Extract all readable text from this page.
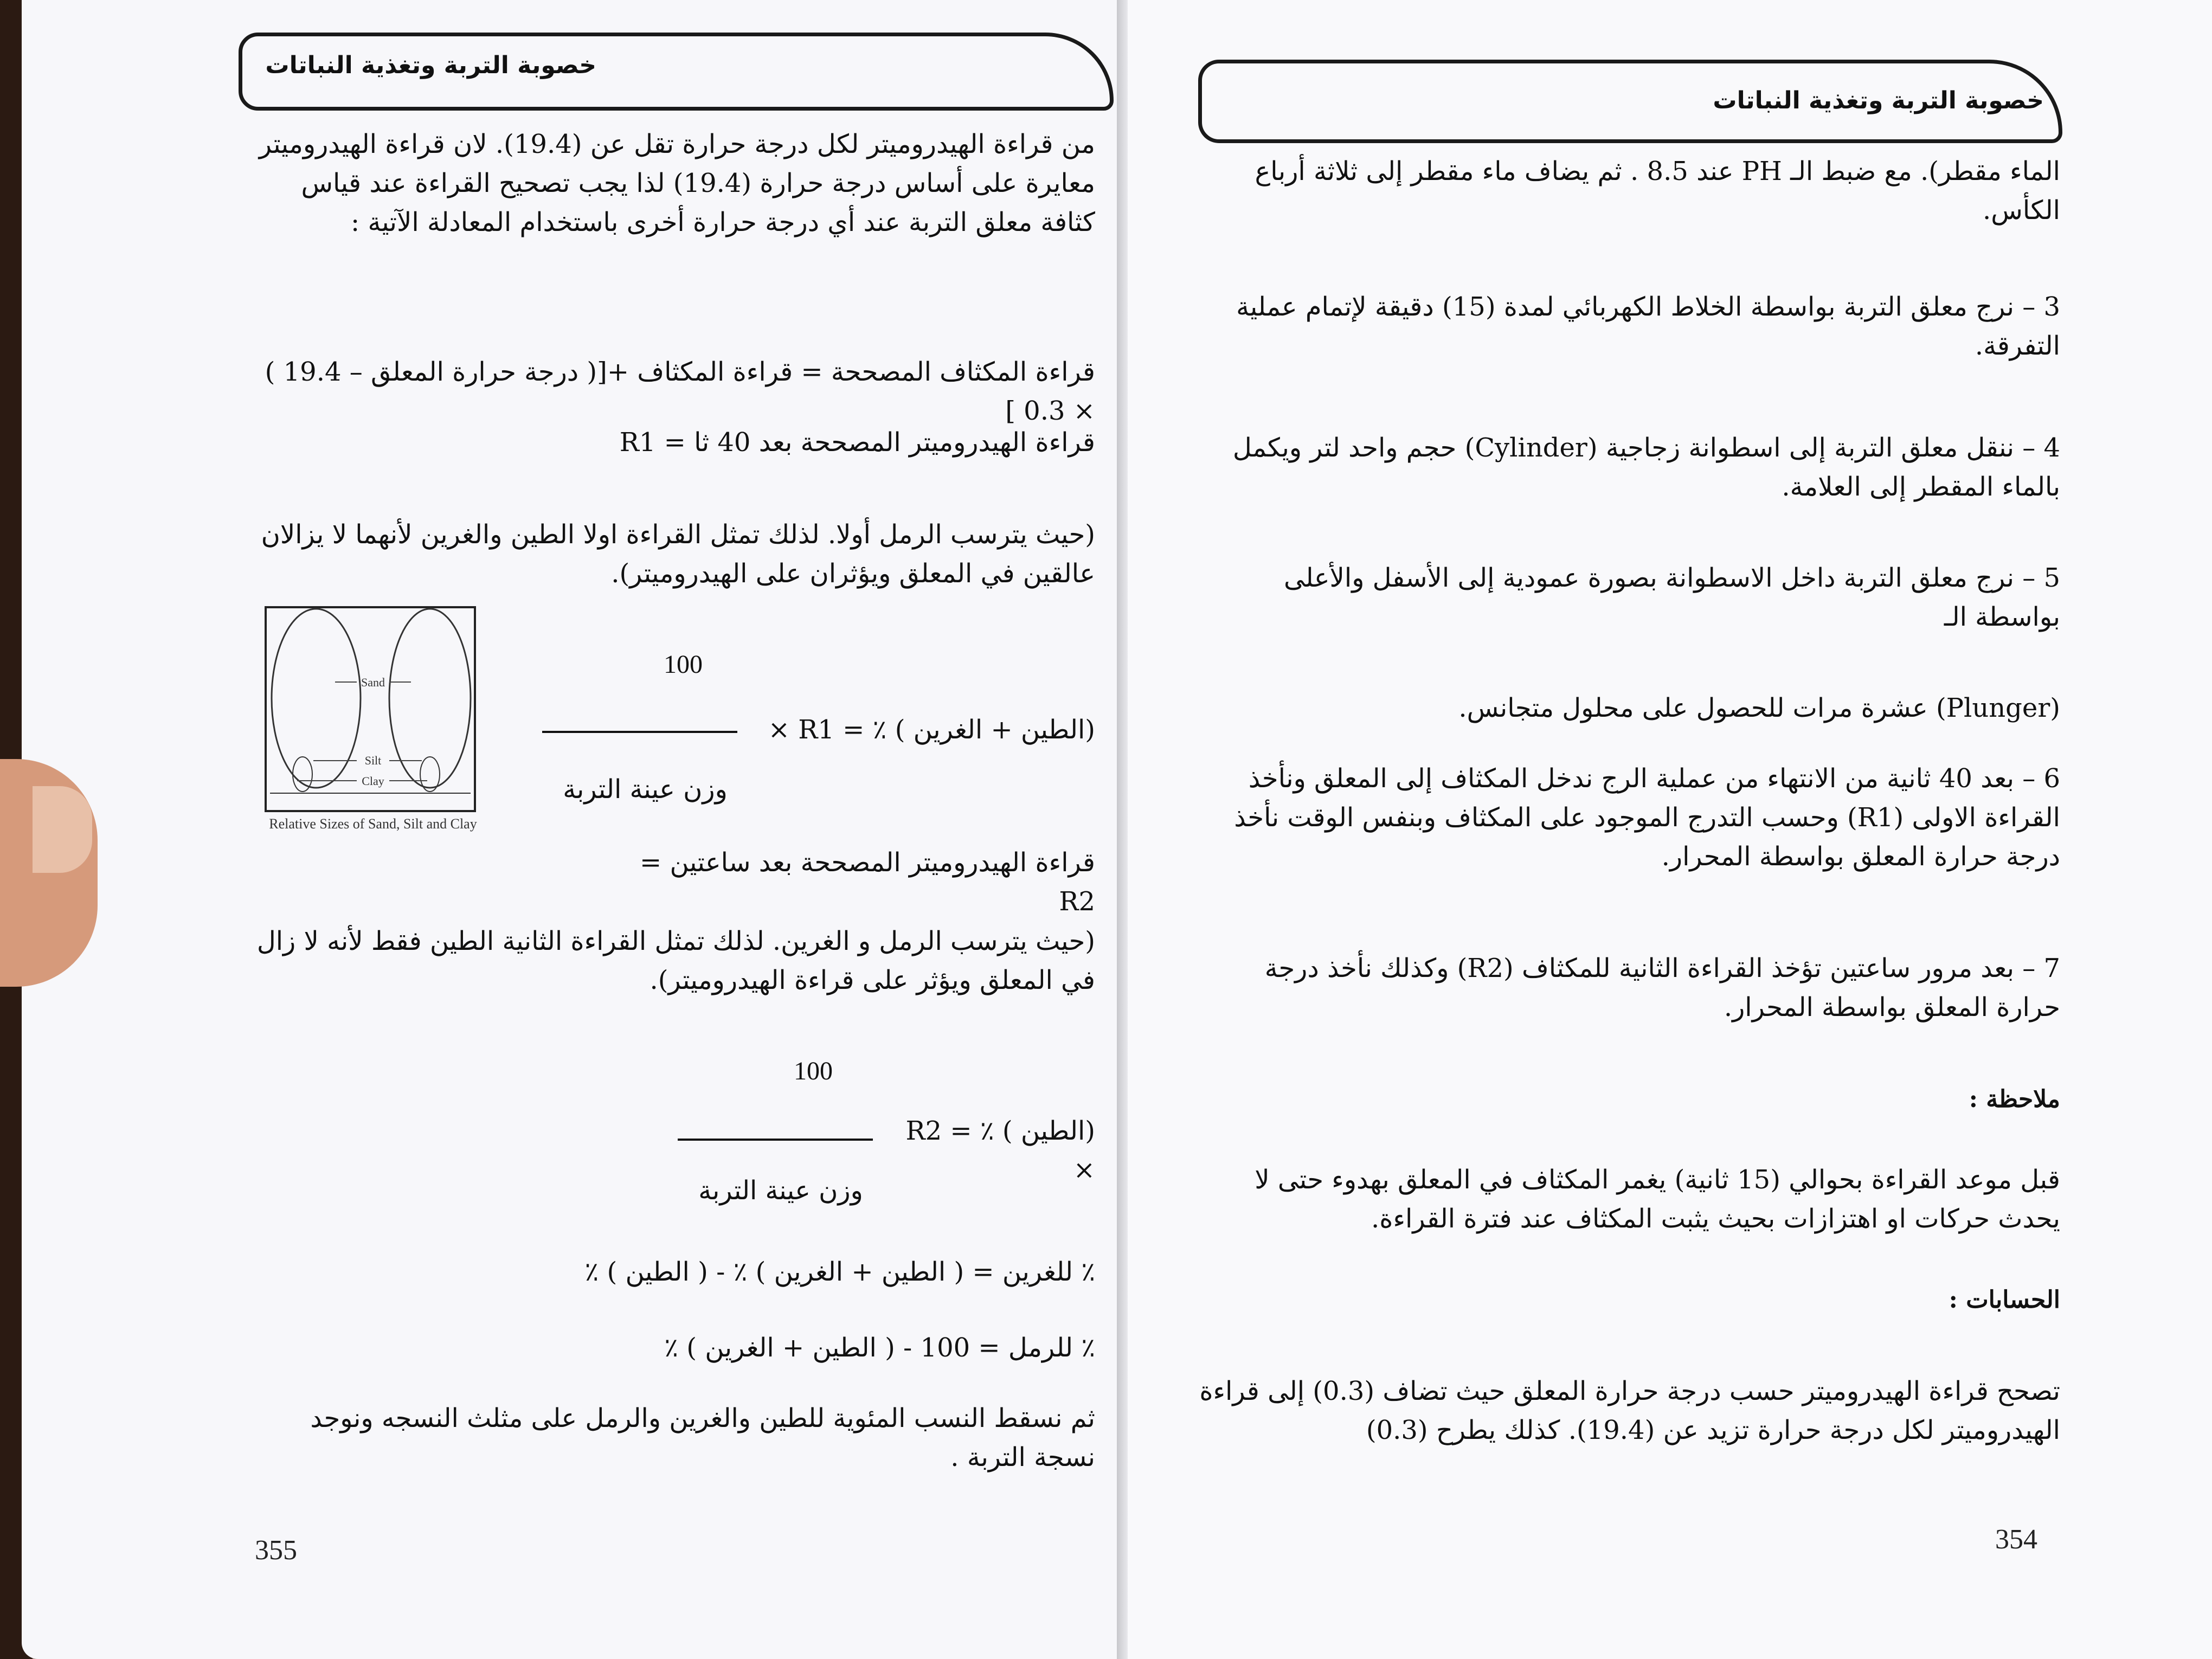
خصوبة التربة وتغذية النباتات
من قراءة الهيدروميتر لكل درجة حرارة تقل عن (19.4). لان قراءة الهيدروميتر معايرة على أساس درجة حرارة (19.4) لذا يجب تصحيح القراءة عند قياس كثافة معلق التربة عند أي درجة حرارة أخرى باستخدام المعادلة الآتية :
قراءة المكثاف المصححة = قراءة المكثاف +[( درجة حرارة المعلق – 19.4 ) × 0.3 ]
قراءة الهيدروميتر المصححة بعد 40 ثا = R1
(حيث يترسب الرمل أولا. لذلك تمثل القراءة اولا الطين والغرين لأنهما لا يزالان عالقين في المعلق ويؤثران على الهيدروميتر).
Sand
Silt
Clay
Relative Sizes of Sand, Silt and Clay
100
(الطين + الغرين ) ٪ = R1 ×
وزن عينة التربة
قراءة الهيدروميتر المصححة بعد ساعتين = R2
(حيث يترسب الرمل و الغرين. لذلك تمثل القراءة الثانية الطين فقط لأنه لا زال في المعلق ويؤثر على قراءة الهيدروميتر).
100
(الطين ) ٪ = R2 ×
وزن عينة التربة
٪ للغرين = ( الطين + الغرين ) ٪ - ( الطين ) ٪
٪ للرمل = 100 - ( الطين + الغرين ) ٪
ثم نسقط النسب المئوية للطين والغرين والرمل على مثلث النسجه ونوجد نسجة التربة .
355
خصوبة التربة وتغذية النباتات
الماء مقطر). مع ضبط الـ PH عند 8.5 . ثم يضاف ماء مقطر إلى ثلاثة أرباع الكأس.
3 – نرج معلق التربة بواسطة الخلاط الكهربائي لمدة (15) دقيقة لإتمام عملية التفرقة.
4 – ننقل معلق التربة إلى اسطوانة زجاجية (Cylinder) حجم واحد لتر ويكمل بالماء المقطر إلى العلامة.
5 – نرج معلق التربة داخل الاسطوانة بصورة عمودية إلى الأسفل والأعلى بواسطة الـ
(Plunger) عشرة مرات للحصول على محلول متجانس.
6 – بعد 40 ثانية من الانتهاء من عملية الرج ندخل المكثاف إلى المعلق ونأخذ القراءة الاولى (R1) وحسب التدرج الموجود على المكثاف وبنفس الوقت نأخذ درجة حرارة المعلق بواسطة المحرار.
7 – بعد مرور ساعتين تؤخذ القراءة الثانية للمكثاف (R2) وكذلك نأخذ درجة حرارة المعلق بواسطة المحرار.
ملاحظة :
قبل موعد القراءة بحوالي (15 ثانية) يغمر المكثاف في المعلق بهدوء حتى لا يحدث حركات او اهتزازات بحيث يثبت المكثاف عند فترة القراءة.
الحسابات :
تصحح قراءة الهيدروميتر حسب درجة حرارة المعلق حيث تضاف (0.3) إلى قراءة الهيدروميتر لكل درجة حرارة تزيد عن (19.4). كذلك يطرح (0.3)
354
